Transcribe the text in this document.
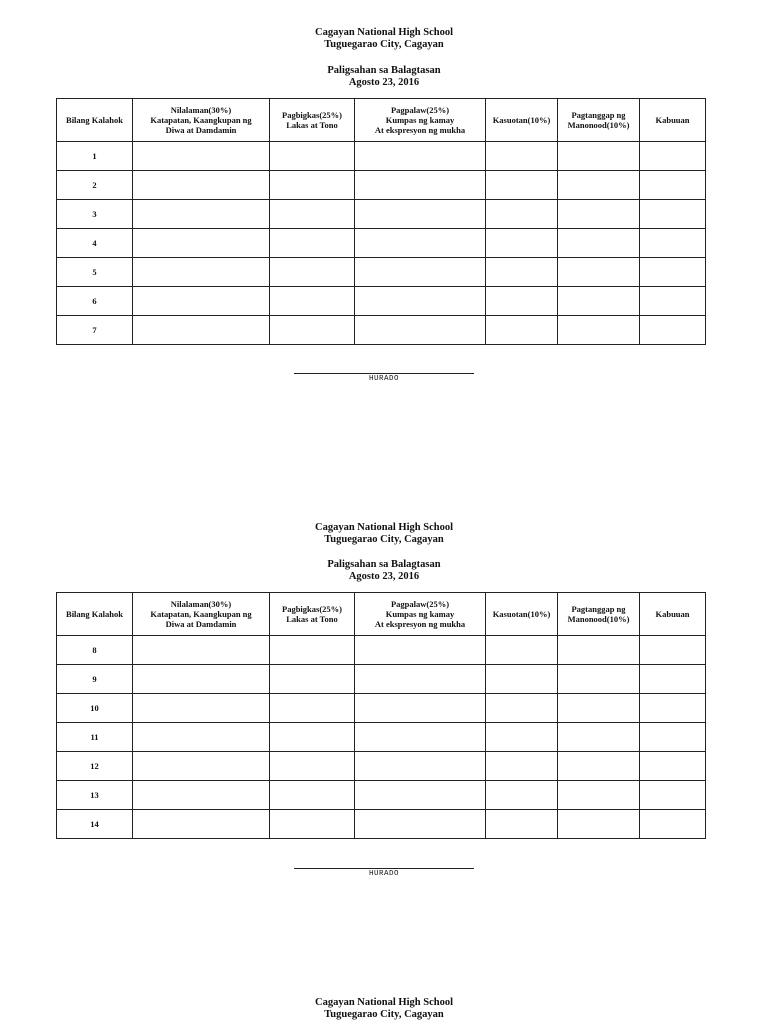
Cagayan National High School
Tuguegarao City, Cagayan
Paligsahan sa Balagtasan
Agosto 23, 2016
Bilang Kalahok	Nilalaman(30%)
Katapatan, Kaangkupan ng
Diwa at Damdamin	Pagbigkas(25%)
Lakas at Tono	Pagpalaw(25%)
Kumpas ng kamay
At ekspresyon ng mukha	Kasuotan(10%)	Pagtanggap ng
Manonood(10%)	Kabuuan

1						
2						
3						
4						
5						
6						
7						
HURADO
Cagayan National High School
Tuguegarao City, Cagayan
Paligsahan sa Balagtasan
Agosto 23, 2016
Bilang Kalahok	Nilalaman(30%)
Katapatan, Kaangkupan ng
Diwa at Damdamin	Pagbigkas(25%)
Lakas at Tono	Pagpalaw(25%)
Kumpas ng kamay
At ekspresyon ng mukha	Kasuotan(10%)	Pagtanggap ng
Manonood(10%)	Kabuuan

8						
9						
10						
11						
12						
13						
14						
HURADO
Cagayan National High School
Tuguegarao City, Cagayan
